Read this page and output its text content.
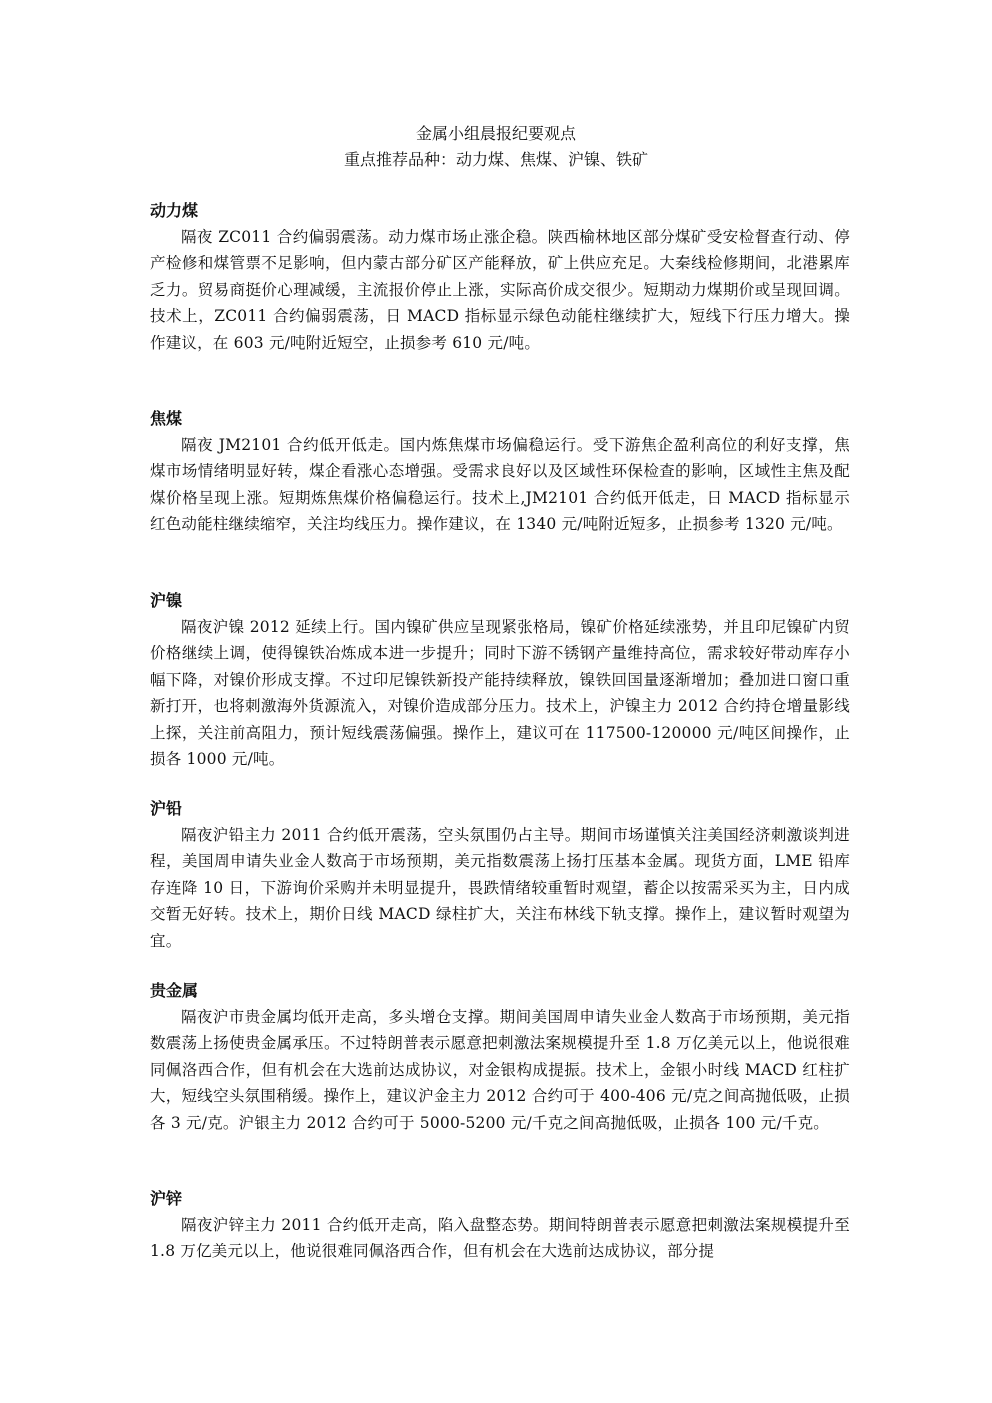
金属小组晨报纪要观点
重点推荐品种：动力煤、焦煤、沪镍、铁矿
动力煤

隔夜 ZC011 合约偏弱震荡。动力煤市场止涨企稳。陕西榆林地区部分煤矿受安检督查行动、停产检修和煤管票不足影响，但内蒙古部分矿区产能释放，矿上供应充足。大秦线检修期间，北港累库乏力。贸易商挺价心理减缓，主流报价停止上涨，实际高价成交很少。短期动力煤期价或呈现回调。技术上，ZC011 合约偏弱震荡，日 MACD 指标显示绿色动能柱继续扩大，短线下行压力增大。操作建议，在 603 元/吨附近短空，止损参考 610 元/吨。

焦煤

隔夜 JM2101 合约低开低走。国内炼焦煤市场偏稳运行。受下游焦企盈利高位的利好支撑，焦煤市场情绪明显好转，煤企看涨心态增强。受需求良好以及区域性环保检查的影响，区域性主焦及配煤价格呈现上涨。短期炼焦煤价格偏稳运行。技术上,JM2101 合约低开低走，日 MACD 指标显示红色动能柱继续缩窄，关注均线压力。操作建议，在 1340 元/吨附近短多，止损参考 1320 元/吨。

沪镍

隔夜沪镍 2012 延续上行。国内镍矿供应呈现紧张格局，镍矿价格延续涨势，并且印尼镍矿内贸价格继续上调，使得镍铁冶炼成本进一步提升；同时下游不锈钢产量维持高位，需求较好带动库存小幅下降，对镍价形成支撑。不过印尼镍铁新投产能持续释放，镍铁回国量逐渐增加；叠加进口窗口重新打开，也将刺激海外货源流入，对镍价造成部分压力。技术上，沪镍主力 2012 合约持仓增量影线上探，关注前高阻力，预计短线震荡偏强。操作上，建议可在 117500-120000 元/吨区间操作，止损各 1000 元/吨。

沪铅

隔夜沪铅主力 2011 合约低开震荡，空头氛围仍占主导。期间市场谨慎关注美国经济刺激谈判进程，美国周申请失业金人数高于市场预期，美元指数震荡上扬打压基本金属。现货方面，LME 铅库存连降 10 日，下游询价采购并未明显提升，畏跌情绪较重暂时观望，蓄企以按需采买为主，日内成交暂无好转。技术上，期价日线 MACD 绿柱扩大，关注布林线下轨支撑。操作上，建议暂时观望为宜。

贵金属

隔夜沪市贵金属均低开走高，多头增仓支撑。期间美国周申请失业金人数高于市场预期，美元指数震荡上扬使贵金属承压。不过特朗普表示愿意把刺激法案规模提升至 1.8 万亿美元以上，他说很难同佩洛西合作，但有机会在大选前达成协议，对金银构成提振。技术上，金银小时线 MACD 红柱扩大，短线空头氛围稍缓。操作上，建议沪金主力 2012 合约可于 400-406 元/克之间高抛低吸，止损各 3 元/克。沪银主力 2012 合约可于 5000-5200 元/千克之间高抛低吸，止损各 100 元/千克。

沪锌

隔夜沪锌主力 2011 合约低开走高，陷入盘整态势。期间特朗普表示愿意把刺激法案规模提升至 1.8 万亿美元以上，他说很难同佩洛西合作，但有机会在大选前达成协议，部分提
